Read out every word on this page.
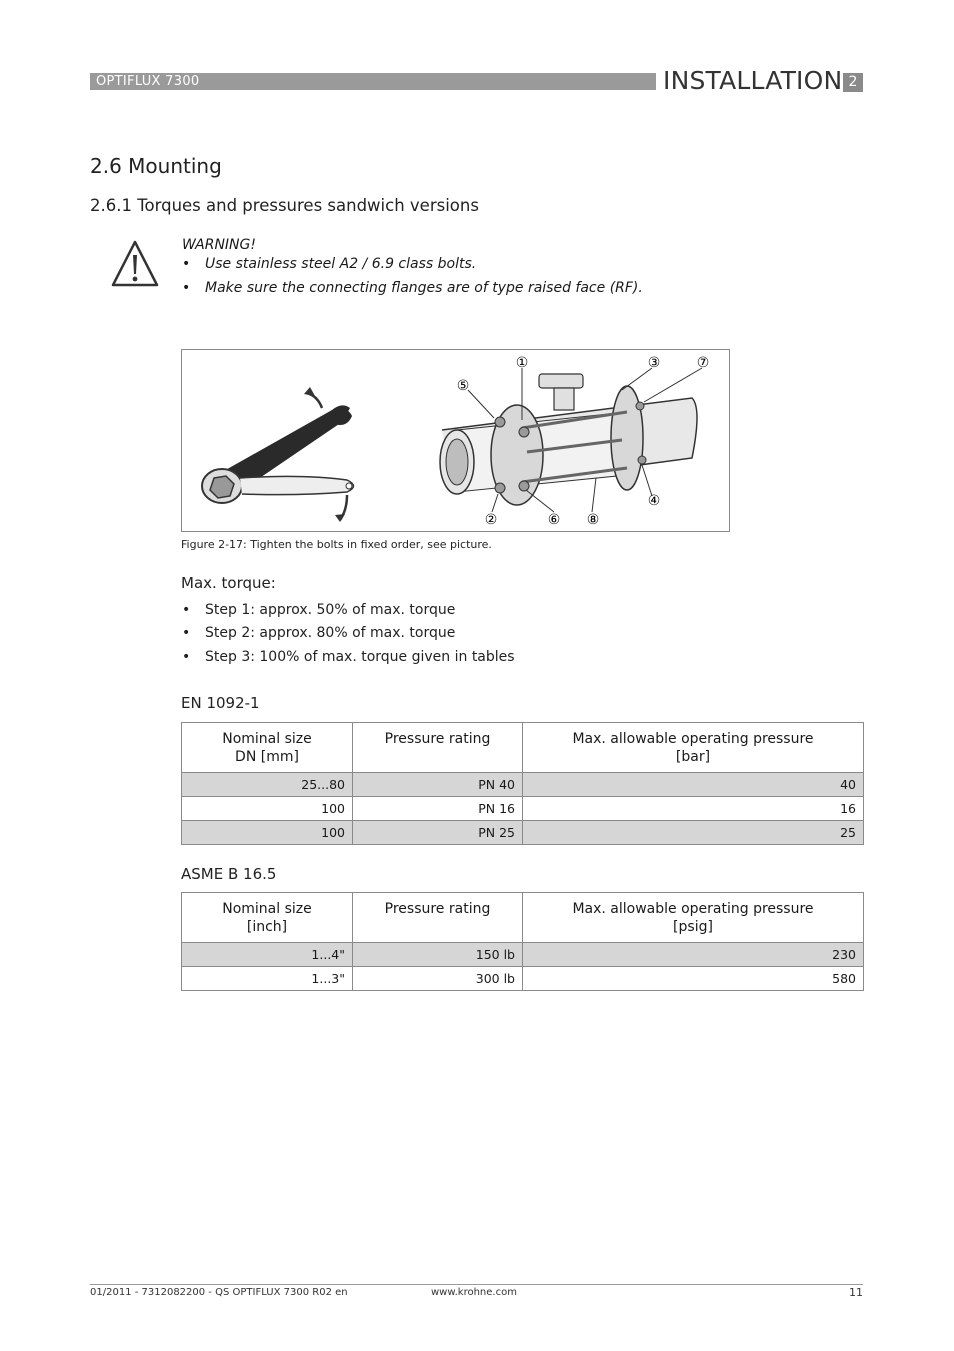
OPTIFLUX 7300	INSTALLATION 2
2.6 Mounting
2.6.1 Torques and pressures sandwich versions
WARNING!
• Use stainless steel A2 / 6.9 class bolts.
• Make sure the connecting flanges are of type raised face (RF).
①
②
③
④
⑤
⑥
⑦
⑧
Figure 2-17: Tighten the bolts in fixed order, see picture.
Max. torque:
• Step 1: approx. 50% of max. torque
• Step 2: approx. 80% of max. torque
• Step 3: 100% of max. torque given in tables
EN 1092-1
Nominal size
DN [mm]	Pressure rating	Max. allowable operating pressure
[bar]
25...80	PN 40	40
100	PN 16	16
100	PN 25	25
ASME B 16.5
Nominal size
[inch]	Pressure rating	Max. allowable operating pressure
[psig]
1...4"	150 lb	230
1...3"	300 lb	580
01/2011 - 7312082200 - QS OPTIFLUX 7300 R02 en	www.krohne.com	11
